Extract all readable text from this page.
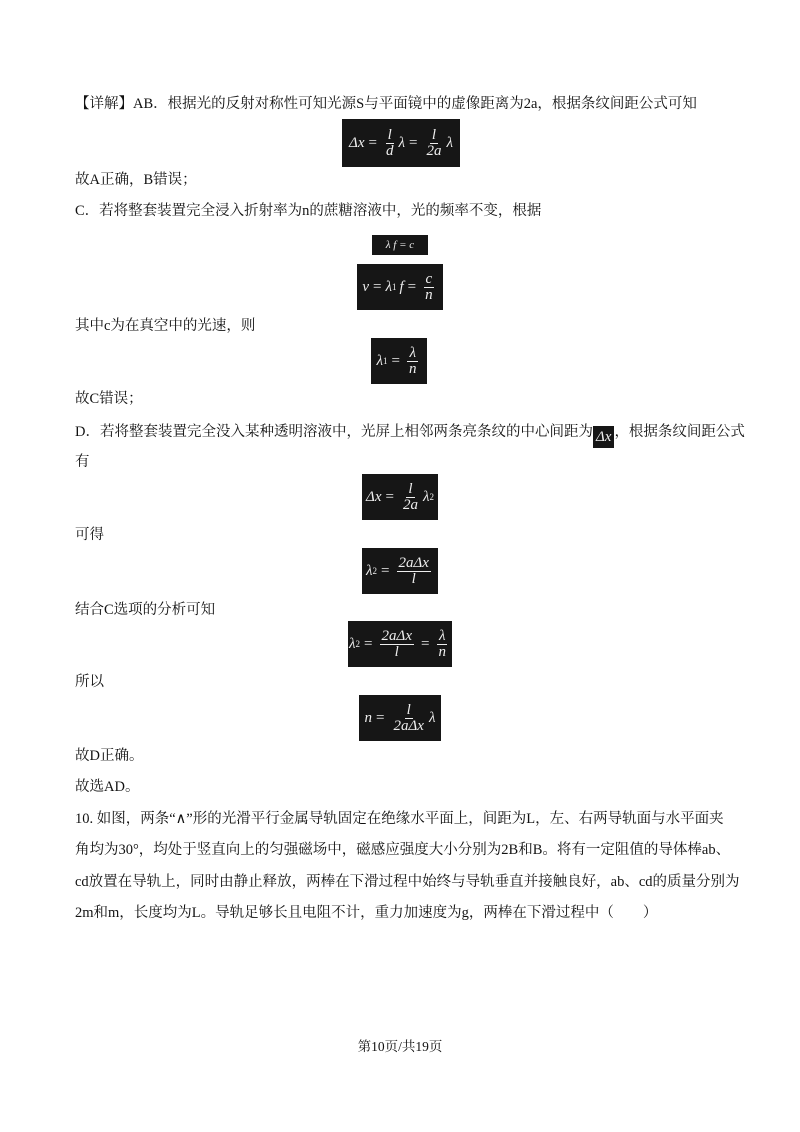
【详解】AB．根据光的反射对称性可知光源S与平面镜中的虚像距离为2a，根据条纹间距公式可知
$\Delta x = \frac{l}{d}$ $\lambda = \frac{l}{2a}$ λ
故A正确，B错误；
C．若将整套装置完全浸入折射率为n的蔗糖溶液中，光的频率不变，根据
λ f = c
v = λ 1 $f = \frac{c}{n}$
其中c为在真空中的光速，则
λ $1 = \frac{\lambda}{n}$
故C错误；
D．若将整套装置完全没入某种透明溶液中，光屏上相邻两条亮条纹的中心间距为 Δx ，根据条纹间距公式
有
$\Delta x = \frac{l}{2a}$ λ 2
可得
λ $2 = \frac{\text{2aΔx}}{l}$
结合C选项的分析可知
λ $2 = \frac{\text{2aΔx}}{l} = \frac{\lambda}{n}$
所以
$n = \frac{l}{\text{2aΔx}}$ λ
故D正确。
故选AD。
10. 如图，两条“∧”形的光滑平行金属导轨固定在绝缘水平面上，间距为L，左、右两导轨面与水平面夹
角均为30°，均处于竖直向上的匀强磁场中，磁感应强度大小分别为2B和B。将有一定阻值的导体棒ab、
cd放置在导轨上，同时由静止释放，两棒在下滑过程中始终与导轨垂直并接触良好，ab、cd的质量分别为
2m和m，长度均为L。导轨足够长且电阻不计，重力加速度为g，两棒在下滑过程中（　　）
第10页/共19页
